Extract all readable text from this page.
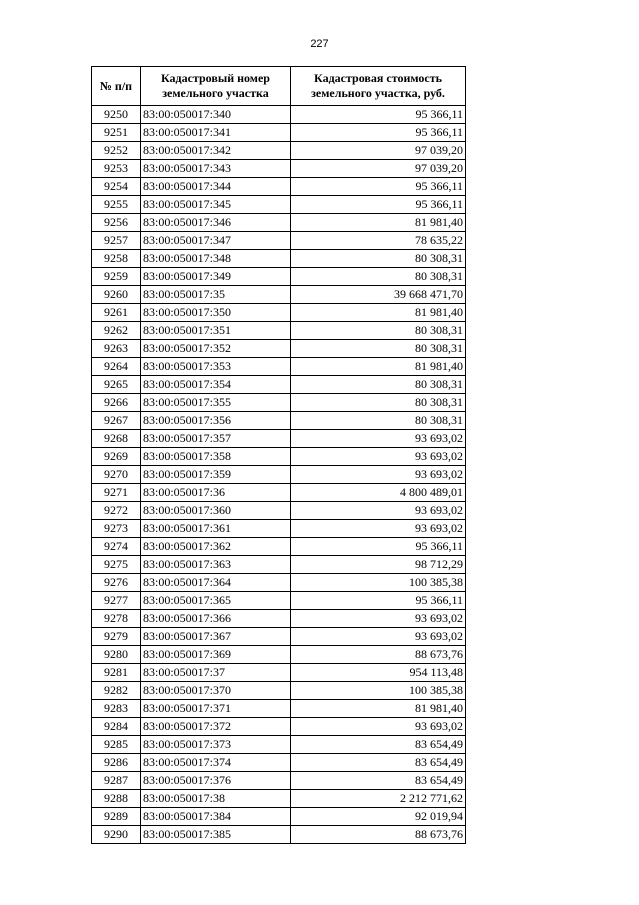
227
№ п/п	Кадастровый номер земельного участка	Кадастровая стоимость земельного участка, руб.
9250	83:00:050017:340	95 366,11
9251	83:00:050017:341	95 366,11
9252	83:00:050017:342	97 039,20
9253	83:00:050017:343	97 039,20
9254	83:00:050017:344	95 366,11
9255	83:00:050017:345	95 366,11
9256	83:00:050017:346	81 981,40
9257	83:00:050017:347	78 635,22
9258	83:00:050017:348	80 308,31
9259	83:00:050017:349	80 308,31
9260	83:00:050017:35	39 668 471,70
9261	83:00:050017:350	81 981,40
9262	83:00:050017:351	80 308,31
9263	83:00:050017:352	80 308,31
9264	83:00:050017:353	81 981,40
9265	83:00:050017:354	80 308,31
9266	83:00:050017:355	80 308,31
9267	83:00:050017:356	80 308,31
9268	83:00:050017:357	93 693,02
9269	83:00:050017:358	93 693,02
9270	83:00:050017:359	93 693,02
9271	83:00:050017:36	4 800 489,01
9272	83:00:050017:360	93 693,02
9273	83:00:050017:361	93 693,02
9274	83:00:050017:362	95 366,11
9275	83:00:050017:363	98 712,29
9276	83:00:050017:364	100 385,38
9277	83:00:050017:365	95 366,11
9278	83:00:050017:366	93 693,02
9279	83:00:050017:367	93 693,02
9280	83:00:050017:369	88 673,76
9281	83:00:050017:37	954 113,48
9282	83:00:050017:370	100 385,38
9283	83:00:050017:371	81 981,40
9284	83:00:050017:372	93 693,02
9285	83:00:050017:373	83 654,49
9286	83:00:050017:374	83 654,49
9287	83:00:050017:376	83 654,49
9288	83:00:050017:38	2 212 771,62
9289	83:00:050017:384	92 019,94
9290	83:00:050017:385	88 673,76
